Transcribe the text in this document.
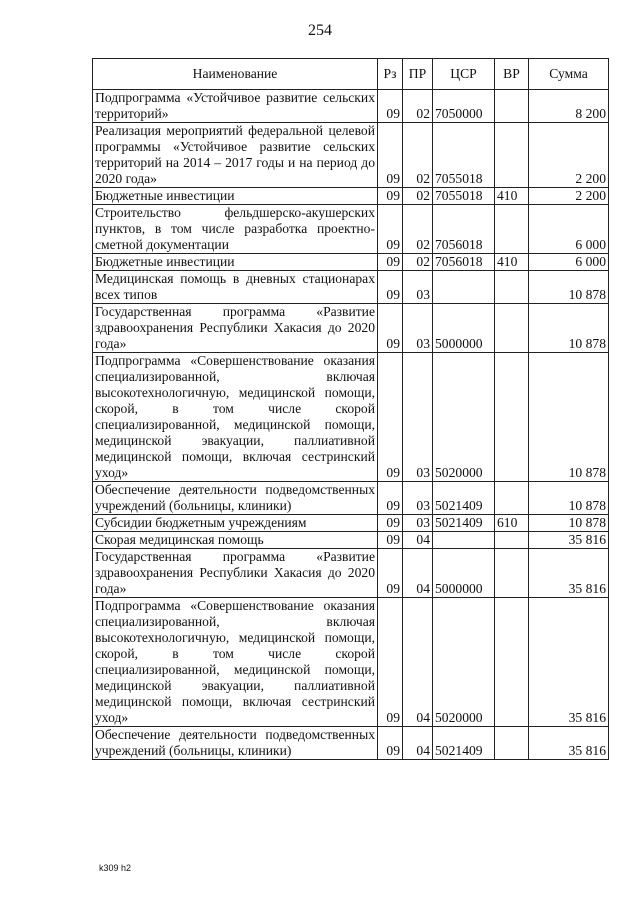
254
Наименование	Рз	ПР	ЦСР	ВР	Сумма
Подпрограмма «Устойчивое развитие сельских территорий»	09	02	7050000		8 200
Реализация мероприятий федеральной целевой программы «Устойчивое развитие сельских территорий на 2014 – 2017 годы и на период до 2020 года»	09	02	7055018		2 200
Бюджетные инвестиции	09	02	7055018	410	2 200
Строительство фельдшерско-акушерских пунктов, в том числе разработка проектно-сметной документации	09	02	7056018		6 000
Бюджетные инвестиции	09	02	7056018	410	6 000
Медицинская помощь в дневных стационарах всех типов	09	03			10 878
Государственная программа «Развитие здравоохранения Республики Хакасия до 2020 года»	09	03	5000000		10 878
Подпрограмма «Совершенствование оказания специализированной, включая высокотехнологичную, медицинской помощи, скорой, в том числе скорой специализированной, медицинской помощи, медицинской эвакуации, паллиативной медицинской помощи, включая сестринский уход»	09	03	5020000		10 878
Обеспечение деятельности подведомственных учреждений (больницы, клиники)	09	03	5021409		10 878
Субсидии бюджетным учреждениям	09	03	5021409	610	10 878
Скорая медицинская помощь	09	04			35 816
Государственная программа «Развитие здравоохранения Республики Хакасия до 2020 года»	09	04	5000000		35 816
Подпрограмма «Совершенствование оказания специализированной, включая высокотехнологичную, медицинской помощи, скорой, в том числе скорой специализированной, медицинской помощи, медицинской эвакуации, паллиативной медицинской помощи, включая сестринский уход»	09	04	5020000		35 816
Обеспечение деятельности подведомственных учреждений (больницы, клиники)	09	04	5021409		35 816
k309 h2
